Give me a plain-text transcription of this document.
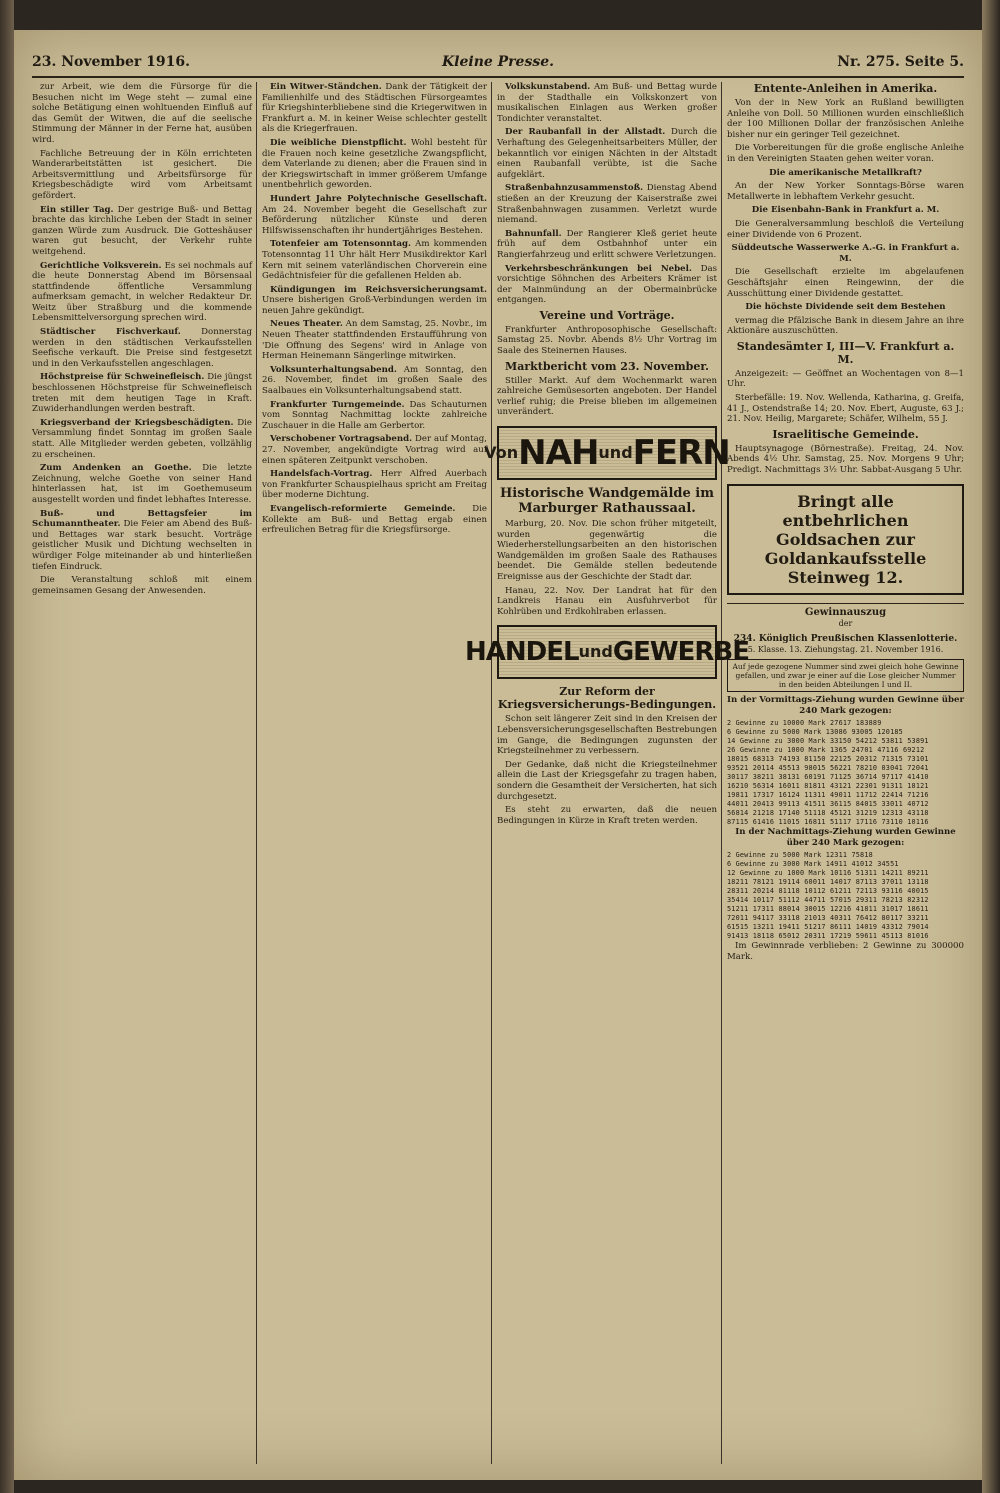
23. November 1916.	Kleine Presse.	Nr. 275. Seite 5.

zur Arbeit, wie dem die Fürsorge für die Besuchen nicht im Wege steht — zumal eine solche Betätigung einen wohltuenden Einfluß auf das Gemüt der Witwen, die auf die seelische Stimmung der Männer in der Ferne hat, ausüben wird.

Fachliche Betreuung der in Köln errichteten Wanderarbeitstätten ist gesichert. Die Arbeitsvermittlung und Arbeitsfürsorge für Kriegsbeschädigte wird vom Arbeitsamt gefördert.

Ein stiller Tag. Der gestrige Buß- und Bettag brachte das kirchliche Leben der Stadt in seiner ganzen Würde zum Ausdruck. Die Gotteshäuser waren gut besucht, der Verkehr ruhte weitgehend.

Gerichtliche Volksverein. Es sei nochmals auf die heute Donnerstag Abend im Börsensaal stattfindende öffentliche Versammlung aufmerksam gemacht, in welcher Redakteur Dr. Weitz über Straßburg und die kommende Lebensmittelversorgung sprechen wird.

Städtischer Fischverkauf. Donnerstag werden in den städtischen Verkaufsstellen Seefische verkauft. Die Preise sind festgesetzt und in den Verkaufsstellen angeschlagen.

Höchstpreise für Schweinefleisch. Die jüngst beschlossenen Höchstpreise für Schweinefleisch treten mit dem heutigen Tage in Kraft. Zuwiderhandlungen werden bestraft.

Kriegsverband der Kriegsbeschädigten. Die Versammlung findet Sonntag im großen Saale statt. Alle Mitglieder werden gebeten, vollzählig zu erscheinen.

Zum Andenken an Goethe. Die letzte Zeichnung, welche Goethe von seiner Hand hinterlassen hat, ist im Goethemuseum ausgestellt worden und findet lebhaftes Interesse.

Buß- und Bettagsfeier im Schumanntheater. Die Feier am Abend des Buß- und Bettages war stark besucht. Vorträge geistlicher Musik und Dichtung wechselten in würdiger Folge miteinander ab und hinterließen tiefen Eindruck.

Die Veranstaltung schloß mit einem gemeinsamen Gesang der Anwesenden.

Ein Witwer-Ständchen. Dank der Tätigkeit der Familienhilfe und des Städtischen Fürsorgeamtes für Kriegshinterbliebene sind die Kriegerwitwen in Frankfurt a. M. in keiner Weise schlechter gestellt als die Kriegerfrauen.

Die weibliche Dienstpflicht. Wohl besteht für die Frauen noch keine gesetzliche Zwangspflicht, dem Vaterlande zu dienen; aber die Frauen sind in der Kriegswirtschaft in immer größerem Umfange unentbehrlich geworden.

Hundert Jahre Polytechnische Gesellschaft. Am 24. November begeht die Gesellschaft zur Beförderung nützlicher Künste und deren Hilfswissenschaften ihr hundertjähriges Bestehen.

Totenfeier am Totensonntag. Am kommenden Totensonntag 11 Uhr hält Herr Musikdirektor Karl Kern mit seinem vaterländischen Chorverein eine Gedächtnisfeier für die gefallenen Helden ab.

Kündigungen im Reichsversicherungsamt. Unsere bisherigen Groß-Verbindungen werden im neuen Jahre gekündigt.

Neues Theater. An dem Samstag, 25. Novbr., im Neuen Theater stattfindenden Erstaufführung von 'Die Offnung des Segens' wird in Anlage von Herman Heinemann Sängerlinge mitwirken.

Volksunterhaltungsabend. Am Sonntag, den 26. November, findet im großen Saale des Saalbaues ein Volksunterhaltungsabend statt.

Frankfurter Turngemeinde. Das Schauturnen vom Sonntag Nachmittag lockte zahlreiche Zuschauer in die Halle am Gerbertor.

Verschobener Vortragsabend. Der auf Montag, 27. November, angekündigte Vortrag wird auf einen späteren Zeitpunkt verschoben.

Handelsfach-Vortrag. Herr Alfred Auerbach von Frankfurter Schauspielhaus spricht am Freitag über moderne Dichtung.

Evangelisch-reformierte Gemeinde. Die Kollekte am Buß- und Bettag ergab einen erfreulichen Betrag für die Kriegsfürsorge.

Volkskunstabend. Am Buß- und Bettag wurde in der Stadthalle ein Volkskonzert von musikalischen Einlagen aus Werken großer Tondichter veranstaltet.

Der Raubanfall in der Allstadt. Durch die Verhaftung des Gelegenheitsarbeiters Müller, der bekanntlich vor einigen Nächten in der Altstadt einen Raubanfall verübte, ist die Sache aufgeklärt.

Straßenbahnzusammenstoß. Dienstag Abend stießen an der Kreuzung der Kaiserstraße zwei Straßenbahnwagen zusammen. Verletzt wurde niemand.

Bahnunfall. Der Rangierer Kleß geriet heute früh auf dem Ostbahnhof unter ein Rangierfahrzeug und erlitt schwere Verletzungen.

Verkehrsbeschränkungen bei Nebel. Das vorsichtige Söhnchen des Arbeiters Krämer ist der Mainmündung an der Obermainbrücke entgangen.

Vereine und Vorträge.

Frankfurter Anthroposophische Gesellschaft: Samstag 25. Novbr. Abends 8½ Uhr Vortrag im Saale des Steinernen Hauses.

Marktbericht vom 23. November.

Stiller Markt. Auf dem Wochenmarkt waren zahlreiche Gemüsesorten angeboten. Der Handel verlief ruhig; die Preise blieben im allgemeinen unverändert.

Von NAH und FERN

Historische Wandgemälde im Marburger Rathaussaal.

Marburg, 20. Nov. Die schon früher mitgeteilt, wurden gegenwärtig die Wiederherstellungsarbeiten an den historischen Wandgemälden im großen Saale des Rathauses beendet. Die Gemälde stellen bedeutende Ereignisse aus der Geschichte der Stadt dar.

Hanau, 22. Nov. Der Landrat hat für den Landkreis Hanau ein Ausfuhrverbot für Kohlrüben und Erdkohlraben erlassen.

HANDEL und GEWERBE

Zur Reform der Kriegsversicherungs-Bedingungen.

Schon seit längerer Zeit sind in den Kreisen der Lebensversicherungsgesellschaften Bestrebungen im Gange, die Bedingungen zugunsten der Kriegsteilnehmer zu verbessern.

Der Gedanke, daß nicht die Kriegsteilnehmer allein die Last der Kriegsgefahr zu tragen haben, sondern die Gesamtheit der Versicherten, hat sich durchgesetzt.

Es steht zu erwarten, daß die neuen Bedingungen in Kürze in Kraft treten werden.

Entente-Anleihen in Amerika.

Von der in New York an Rußland bewilligten Anleihe von Doll. 50 Millionen wurden einschließlich der 100 Millionen Dollar der französischen Anleihe bisher nur ein geringer Teil gezeichnet.

Die Vorbereitungen für die große englische Anleihe in den Vereinigten Staaten gehen weiter voran.

Die amerikanische Metallkraft?

An der New Yorker Sonntags-Börse waren Metallwerte in lebhaftem Verkehr gesucht.

Die Eisenbahn-Bank in Frankfurt a. M.

Die Generalversammlung beschloß die Verteilung einer Dividende von 6 Prozent.

Süddeutsche Wasserwerke A.-G. in Frankfurt a. M.

Die Gesellschaft erzielte im abgelaufenen Geschäftsjahr einen Reingewinn, der die Ausschüttung einer Dividende gestattet.

Die höchste Dividende seit dem Bestehen

vermag die Pfälzische Bank in diesem Jahre an ihre Aktionäre auszuschütten.

Standesämter I, III—V. Frankfurt a. M.

Anzeigezeit: — Geöffnet an Wochentagen von 8—1 Uhr.

Sterbefälle: 19. Nov. Wellenda, Katharina, g. Greifa, 41 J., Ostendstraße 14; 20. Nov. Ebert, Auguste, 63 J.; 21. Nov. Heilig, Margarete; Schäfer, Wilhelm, 55 J.

Israelitische Gemeinde.

Hauptsynagoge (Börnestraße). Freitag, 24. Nov. Abends 4½ Uhr. Samstag, 25. Nov. Morgens 9 Uhr; Predigt. Nachmittags 3½ Uhr. Sabbat-Ausgang 5 Uhr.

Bringt alle entbehrlichen Goldsachen zur Goldankaufsstelle Steinweg 12.
Gewinnauszug
der
234. Königlich Preußischen Klassenlotterie.
5. Klasse. 13. Ziehungstag. 21. November 1916.
Auf jede gezogene Nummer sind zwei gleich hohe Gewinne gefallen, und zwar je einer auf die Lose gleicher Nummer in den beiden Abteilungen I und II.

In der Vormittags-Ziehung wurden Gewinne über 240 Mark gezogen:

2 Gewinne zu 10000 Mark 27617 183889
6 Gewinne zu 5000 Mark 13086 93005 120185
14 Gewinne zu 3000 Mark 33150 54212 53811 53891
26 Gewinne zu 1000 Mark 1365 24701 47116 69212
18015 68313 74193 81150 22125 20312 71315 73101
93521 20114 45513 98015 56221 78210 03041 72041
30117 38211 38131 60191 71125 36714 97117 41410
16210 56314 16011 81811 43121 22301 91311 18121
19811 17317 16124 11311 49011 11712 22414 71216
44011 20413 99113 41511 36115 84015 33011 40712
56814 21218 17140 51118 45121 31219 12313 43118
87115 61416 11015 16811 51117 17116 73110 10116

In der Nachmittags-Ziehung wurden Gewinne über 240 Mark gezogen:

2 Gewinne zu 5000 Mark 12311 75818
6 Gewinne zu 3000 Mark 14911 41012 34551
12 Gewinne zu 1000 Mark 10116 51311 14211 89211
18211 78121 19114 60011 14017 87113 37011 13118
28311 20214 81118 10112 61211 72113 93116 40015
35414 10117 51112 44711 57015 29311 78213 82312
51211 17311 88014 30015 12216 41811 31017 18611
72011 94117 33118 21013 40311 76412 80117 33211
61515 13211 19411 51217 86111 14019 43312 79014
91413 18118 65012 20311 17219 59611 45113 81016

Im Gewinnrade verblieben: 2 Gewinne zu 300000 Mark.
